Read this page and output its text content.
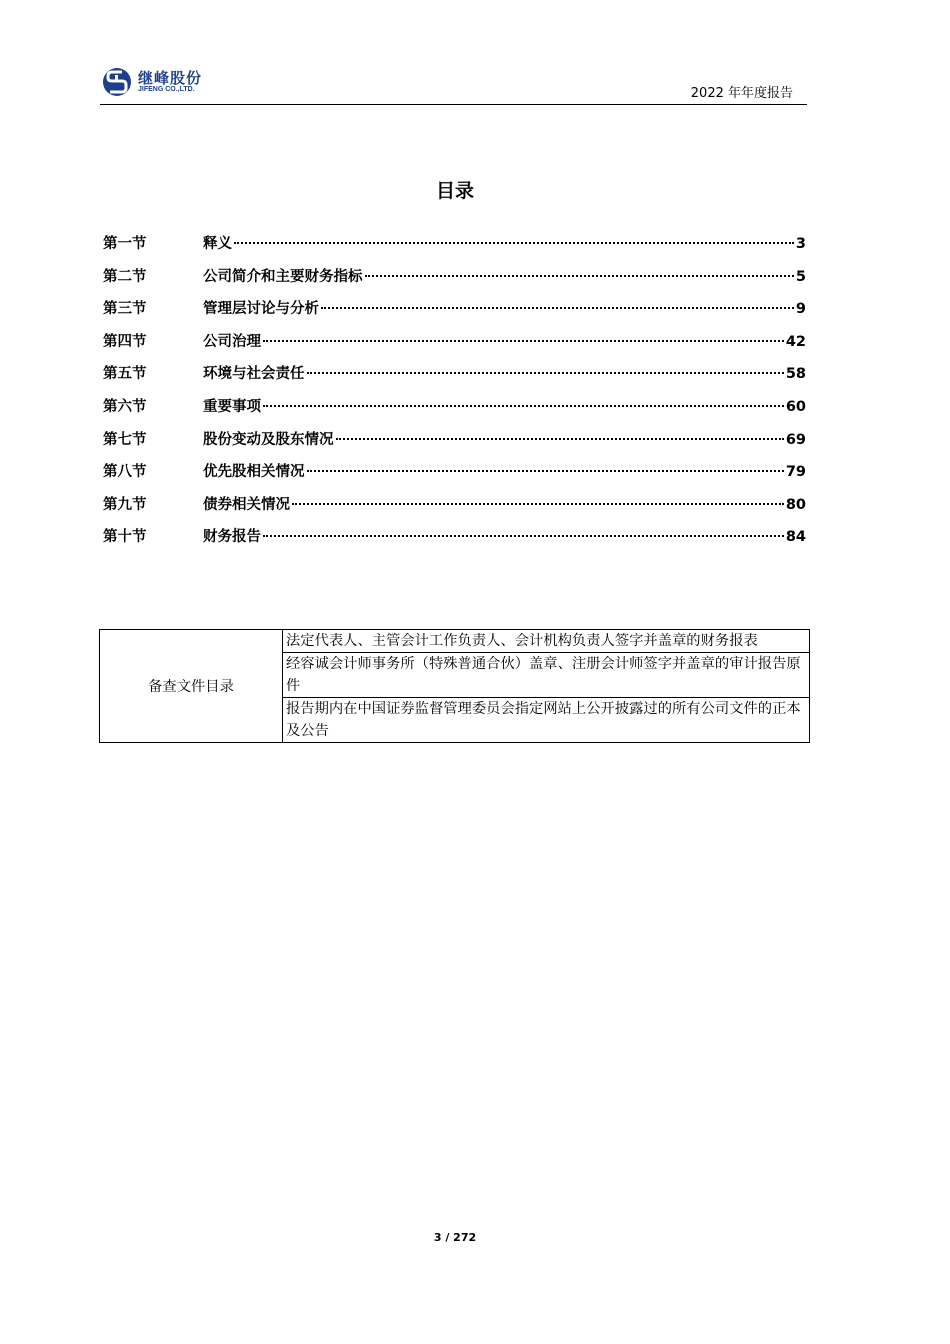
继峰股份
JIFENG CO.,LTD.	2022 年年度报告
目录
第一节	释义	3
第二节	公司简介和主要财务指标	5
第三节	管理层讨论与分析	9
第四节	公司治理	42
第五节	环境与社会责任	58
第六节	重要事项	60
第七节	股份变动及股东情况	69
第八节	优先股相关情况	79
第九节	债券相关情况	80
第十节	财务报告	84
备查文件目录	法定代表人、主管会计工作负责人、会计机构负责人签字并盖章的财务报表
经容诚会计师事务所（特殊普通合伙）盖章、注册会计师签字并盖章的审计报告原件
报告期内在中国证券监督管理委员会指定网站上公开披露过的所有公司文件的正本及公告
3 / 272
